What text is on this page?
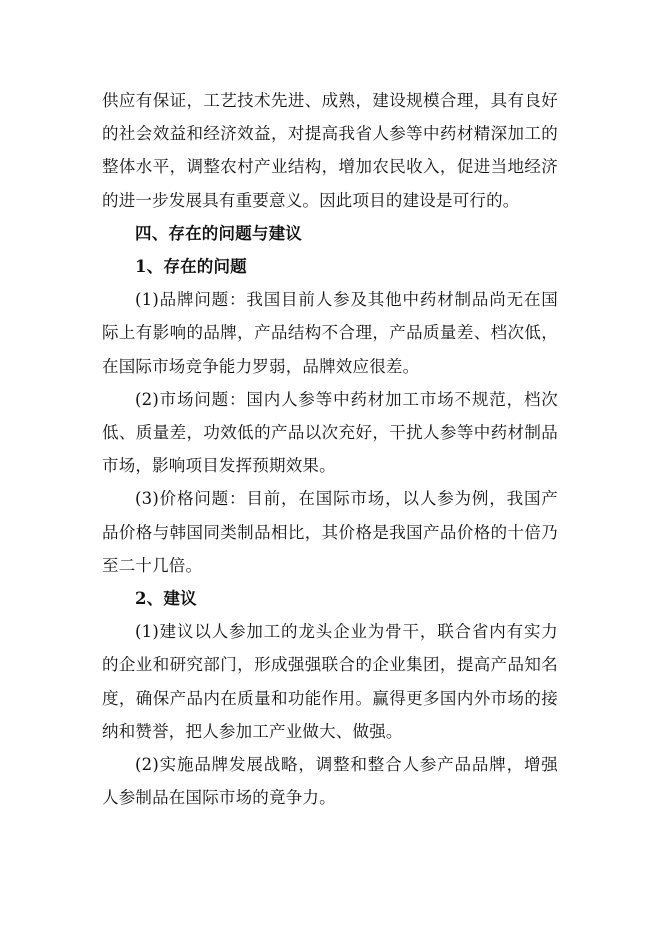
供应有保证，工艺技术先进、成熟，建设规模合理，具有良好的社会效益和经济效益，对提高我省人参等中药材精深加工的整体水平，调整农村产业结构，增加农民收入，促进当地经济的进一步发展具有重要意义。因此项目的建设是可行的。

四、存在的问题与建议

1、存在的问题

(1)品牌问题：我国目前人参及其他中药材制品尚无在国际上有影响的品牌，产品结构不合理，产品质量差、档次低，在国际市场竞争能力罗弱，品牌效应很差。

(2)市场问题：国内人参等中药材加工市场不规范，档次低、质量差，功效低的产品以次充好，干扰人参等中药材制品市场，影响项目发挥预期效果。

(3)价格问题：目前，在国际市场，以人参为例，我国产品价格与韩国同类制品相比，其价格是我国产品价格的十倍乃至二十几倍。

2、建议

(1)建议以人参加工的龙头企业为骨干，联合省内有实力的企业和研究部门，形成强强联合的企业集团，提高产品知名度，确保产品内在质量和功能作用。赢得更多国内外市场的接纳和赞誉，把人参加工产业做大、做强。

(2)实施品牌发展战略，调整和整合人参产品品牌，增强人参制品在国际市场的竟争力。
